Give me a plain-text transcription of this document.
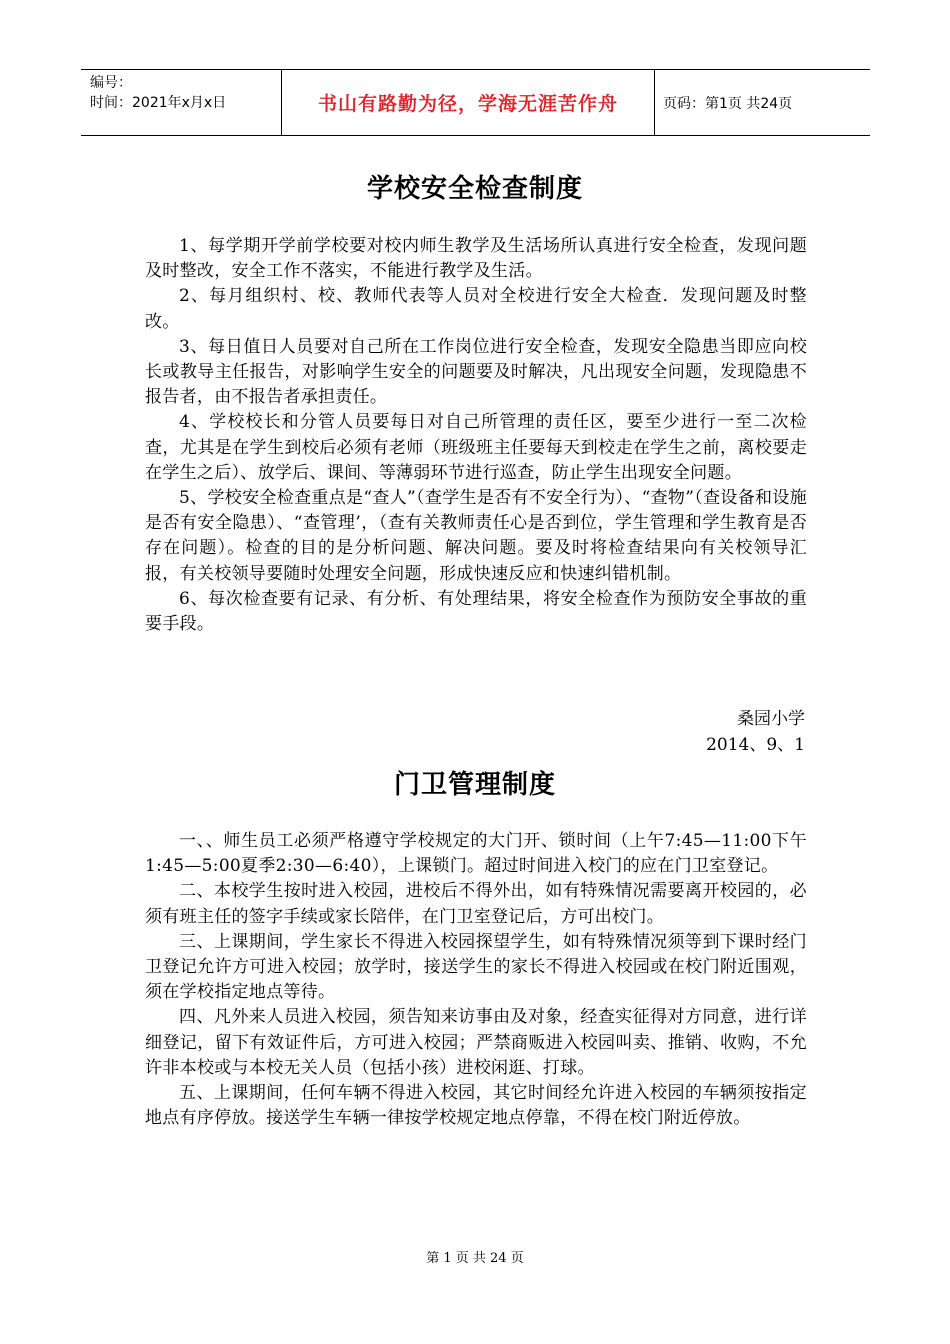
编号：
时间：2021年x月x日	书山有路勤为径，学海无涯苦作舟	页码：第1页 共24页
学校安全检查制度

1、每学期开学前学校要对校内师生教学及生活场所认真进行安全检查，发现问题及时整改，安全工作不落实，不能进行教学及生活。

2、每月组织村、校、教师代表等人员对全校进行安全大检查．发现问题及时整改。

3、每日值日人员要对自己所在工作岗位进行安全检查，发现安全隐患当即应向校长或教导主任报告，对影响学生安全的问题要及时解决，凡出现安全问题，发现隐患不报告者，由不报告者承担责任。

4、学校校长和分管人员要每日对自己所管理的责任区，要至少进行一至二次检查，尤其是在学生到校后必须有老师（班级班主任要每天到校走在学生之前，离校要走在学生之后）、放学后、课间、等薄弱环节进行巡查，防止学生出现安全问题。

5、学校安全检查重点是“查人”（查学生是否有不安全行为）、“查物”（查设备和设施是否有安全隐患）、“查管理’，（查有关教师责任心是否到位，学生管理和学生教育是否存在问题）。检查的目的是分析问题、解决问题。要及时将检查结果向有关校领导汇报，有关校领导要随时处理安全问题，形成快速反应和快速纠错机制。

6、每次检查要有记录、有分析、有处理结果，将安全检查作为预防安全事故的重要手段。

桑园小学
2014、9、1
门卫管理制度

一、、师生员工必须严格遵守学校规定的大门开、锁时间（上午7:45—11:00下午1:45—5:00夏季2:30—6:40），上课锁门。超过时间进入校门的应在门卫室登记。

二、本校学生按时进入校园，进校后不得外出，如有特殊情况需要离开校园的，必须有班主任的签字手续或家长陪伴，在门卫室登记后，方可出校门。

三、上课期间，学生家长不得进入校园探望学生，如有特殊情况须等到下课时经门卫登记允许方可进入校园；放学时，接送学生的家长不得进入校园或在校门附近围观，须在学校指定地点等待。

四、凡外来人员进入校园，须告知来访事由及对象，经查实征得对方同意，进行详细登记，留下有效证件后，方可进入校园；严禁商贩进入校园叫卖、推销、收购，不允许非本校或与本校无关人员（包括小孩）进校闲逛、打球。

五、上课期间，任何车辆不得进入校园，其它时间经允许进入校园的车辆须按指定地点有序停放。接送学生车辆一律按学校规定地点停靠，不得在校门附近停放。

第 1 页 共 24 页
